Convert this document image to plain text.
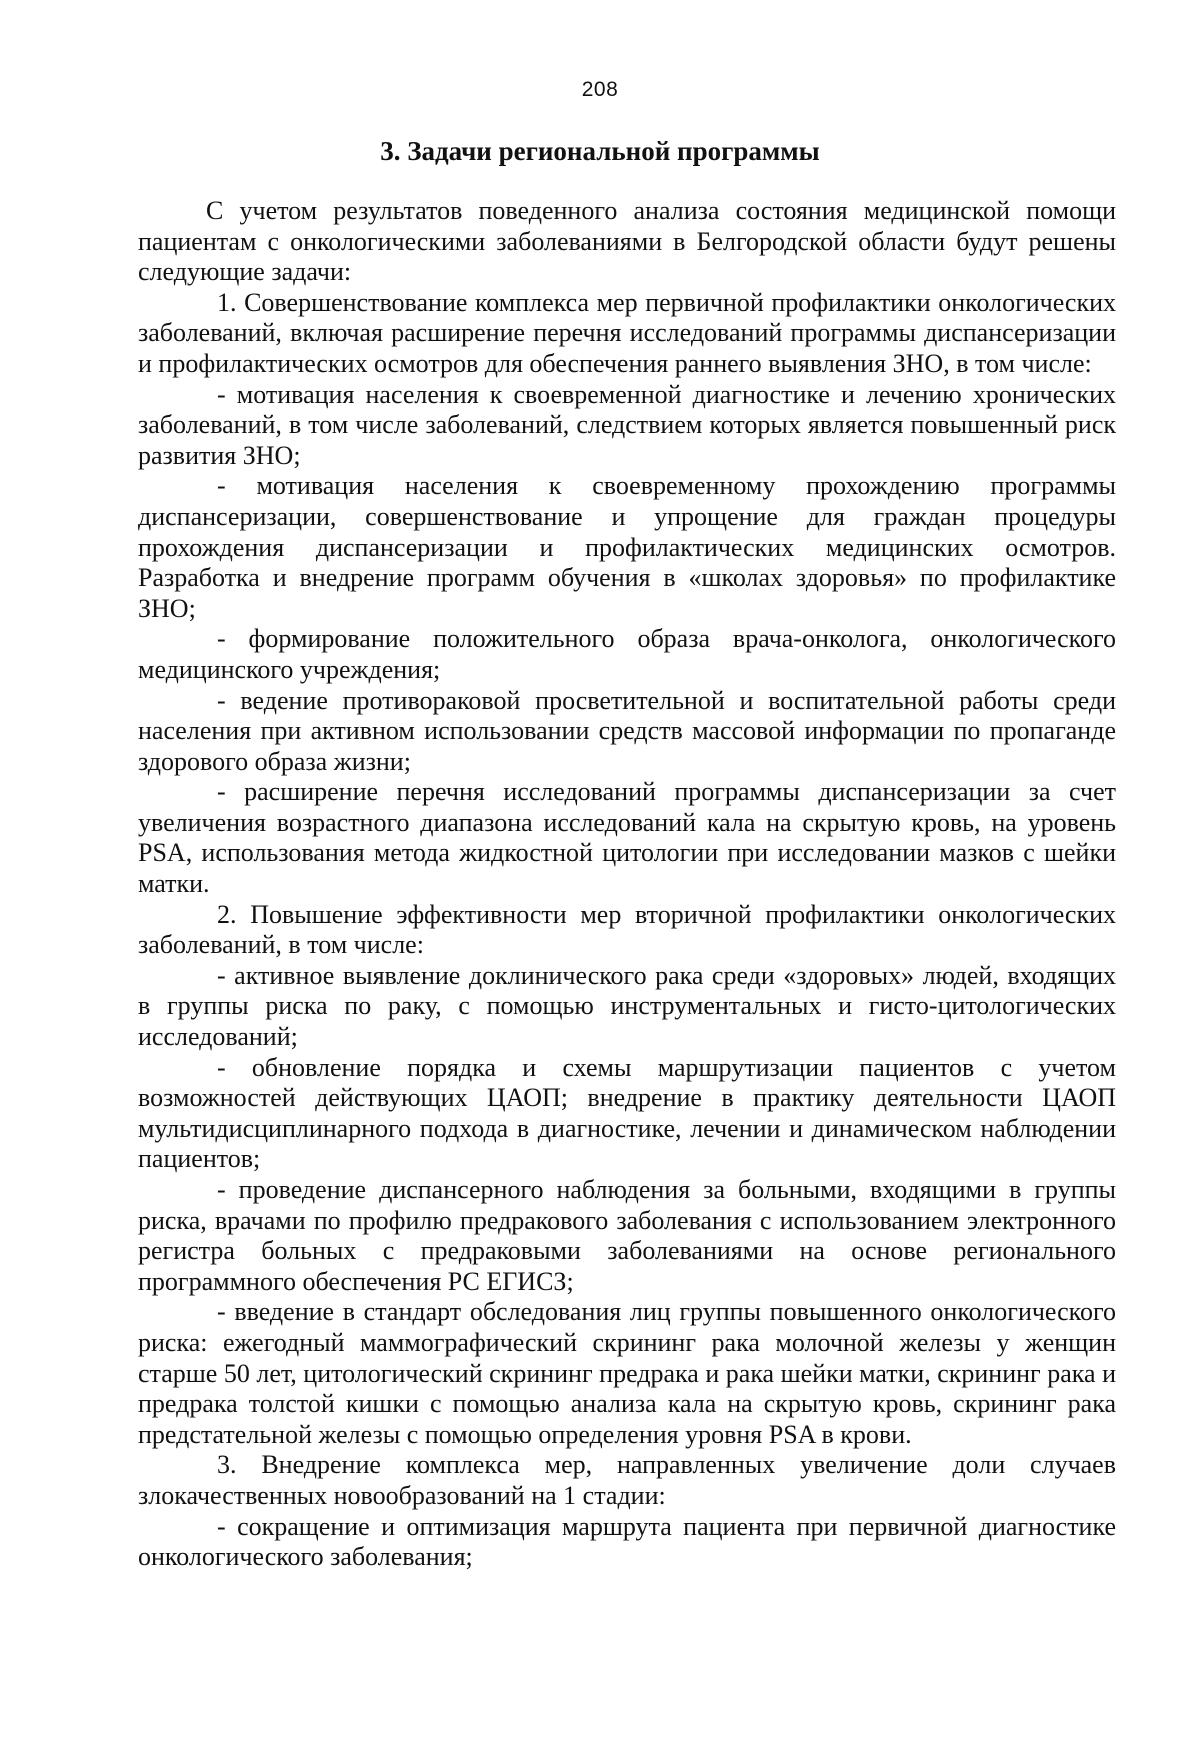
208
3. Задачи региональной программы

С учетом результатов поведенного анализа состояния медицинской помощи пациентам с онкологическими заболеваниями в Белгородской области будут решены следующие задачи:

1. Совершенствование комплекса мер первичной профилактики онкологических заболеваний, включая расширение перечня исследований программы диспансеризации и профилактических осмотров для обеспечения раннего выявления ЗНО, в том числе:

- мотивация населения к своевременной диагностике и лечению хронических заболеваний, в том числе заболеваний, следствием которых является повышенный риск развития ЗНО;

- мотивация населения к своевременному прохождению программы диспансеризации, совершенствование и упрощение для граждан процедуры прохождения диспансеризации и профилактических медицинских осмотров. Разработка и внедрение программ обучения в «школах здоровья» по профилактике ЗНО;

- формирование положительного образа врача-онколога, онкологического медицинского учреждения;

- ведение противораковой просветительной и воспитательной работы среди населения при активном использовании средств массовой информации по пропаганде здорового образа жизни;

- расширение перечня исследований программы диспансеризации за счет увеличения возрастного диапазона исследований кала на скрытую кровь, на уровень PSA, использования метода жидкостной цитологии при исследовании мазков с шейки матки.

2. Повышение эффективности мер вторичной профилактики онкологических заболеваний, в том числе:

- активное выявление доклинического рака среди «здоровых» людей, входящих в группы риска по раку, с помощью инструментальных и гисто-цитологических исследований;

- обновление порядка и схемы маршрутизации пациентов с учетом возможностей действующих ЦАОП; внедрение в практику деятельности ЦАОП мультидисциплинарного подхода в диагностике, лечении и динамическом наблюдении пациентов;

- проведение диспансерного наблюдения за больными, входящими в группы риска, врачами по профилю предракового заболевания с использованием электронного регистра больных с предраковыми заболеваниями на основе регионального программного обеспечения РС ЕГИСЗ;

- введение в стандарт обследования лиц группы повышенного онкологического риска: ежегодный маммографический скрининг рака молочной железы у женщин старше 50 лет, цитологический скрининг предрака и рака шейки матки, скрининг рака и предрака толстой кишки с помощью анализа кала на скрытую кровь, скрининг рака предстательной железы с помощью определения уровня PSA в крови.

3. Внедрение комплекса мер, направленных увеличение доли случаев злокачественных новообразований на 1 стадии:

- сокращение и оптимизация маршрута пациента при первичной диагностике онкологического заболевания;
